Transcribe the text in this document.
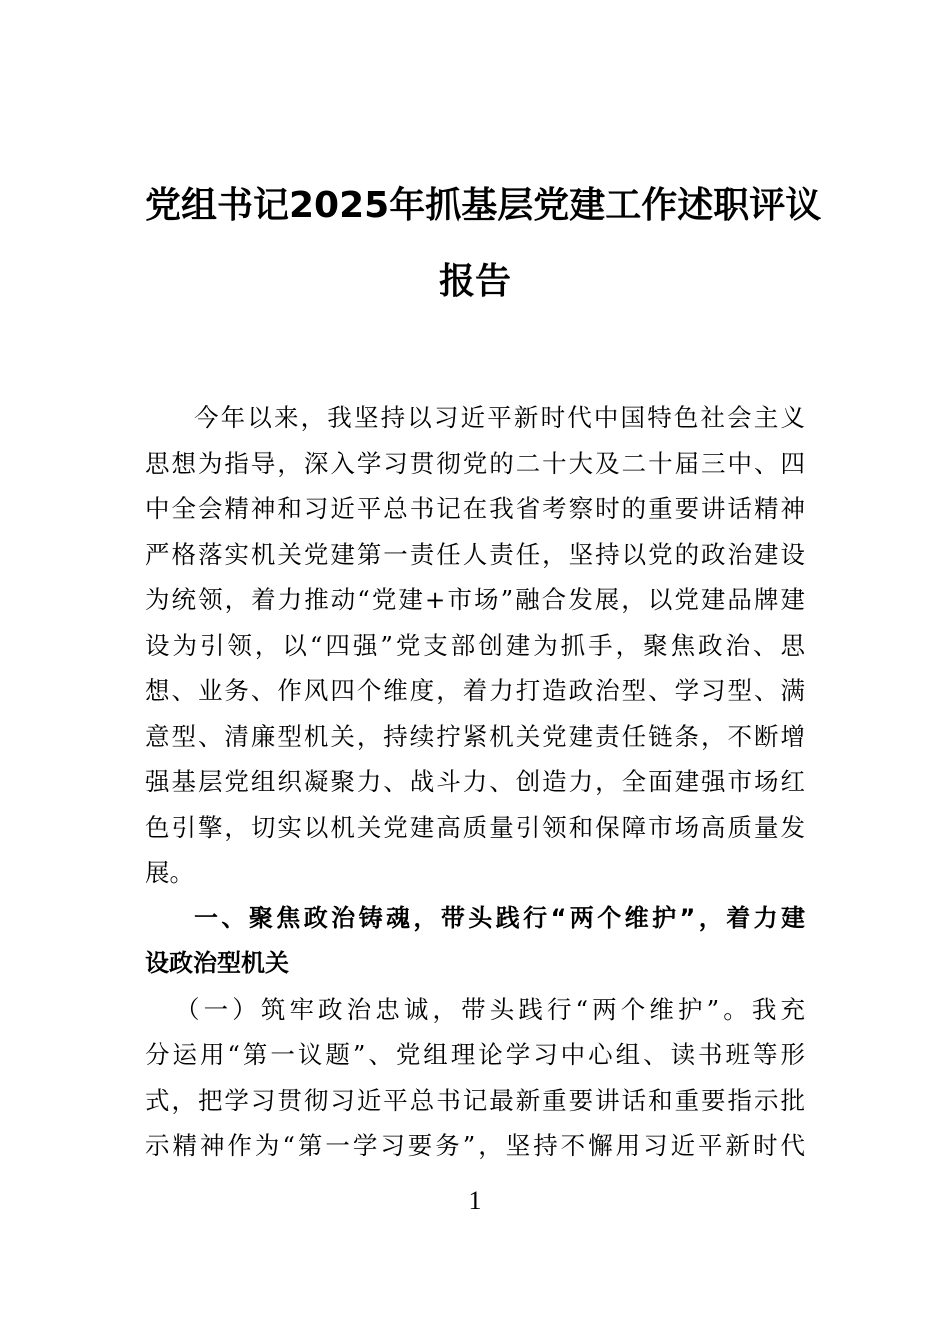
党组书记2025年抓基层党建工作述职评议
报告
今年以来，我坚持以习近平新时代中国特色社会主义
思想为指导，深入学习贯彻党的二十大及二十届三中、四
中全会精神和习近平总书记在我省考察时的重要讲话精神
严格落实机关党建第一责任人责任，坚持以党的政治建设
为统领，着力推动“党建+市场”融合发展，以党建品牌建
设为引领，以“四强”党支部创建为抓手，聚焦政治、思
想、业务、作风四个维度，着力打造政治型、学习型、满
意型、清廉型机关，持续拧紧机关党建责任链条，不断增
强基层党组织凝聚力、战斗力、创造力，全面建强市场红
色引擎，切实以机关党建高质量引领和保障市场高质量发
展。
一、聚焦政治铸魂，带头践行“两个维护”，着力建
设政治型机关
（一）筑牢政治忠诚，带头践行“两个维护”。我充
分运用“第一议题”、党组理论学习中心组、读书班等形
式，把学习贯彻习近平总书记最新重要讲话和重要指示批
示精神作为“第一学习要务”，坚持不懈用习近平新时代
1
